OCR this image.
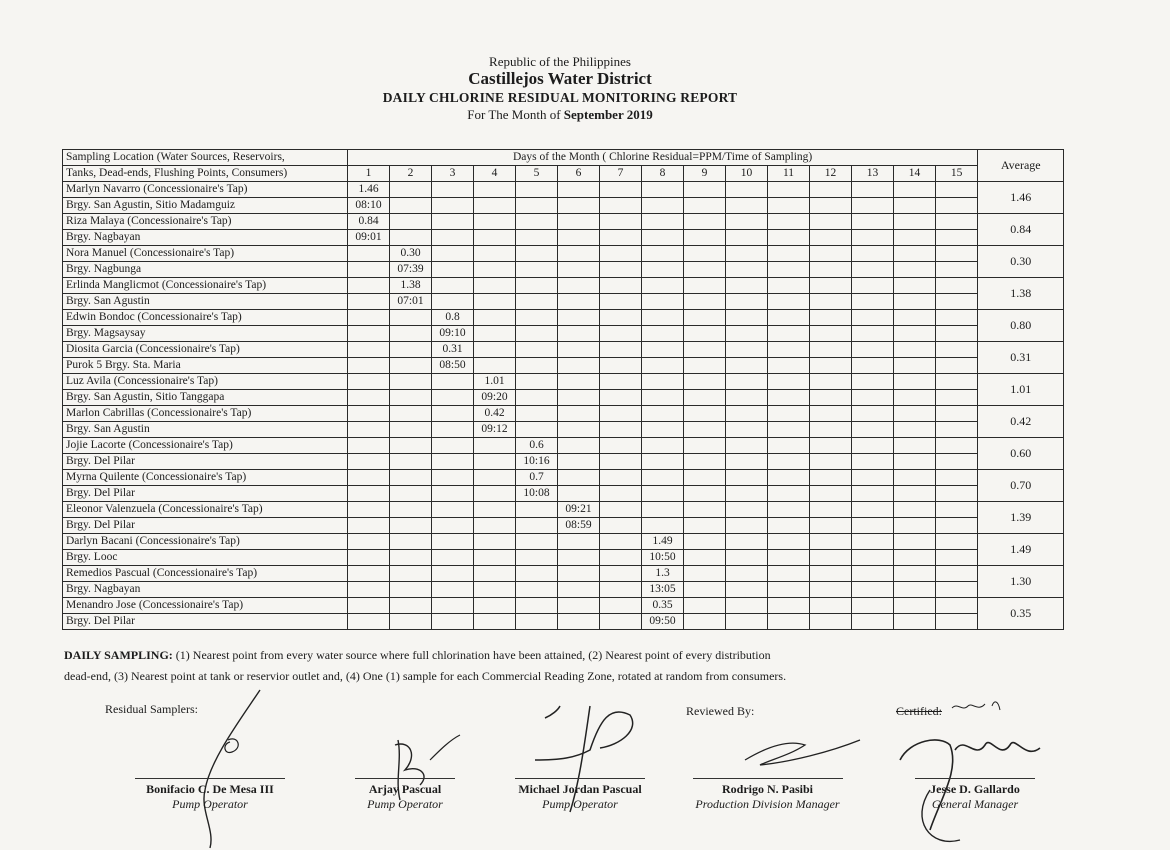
Republic of the Philippines
Castillejos Water District
DAILY CHLORINE RESIDUAL MONITORING REPORT
For The Month of September 2019
Sampling Location (Water Sources, Reservoirs,	Days of the Month ( Chlorine Residual=PPM/Time of Sampling)															Average
Tanks, Dead-ends, Flushing Points, Consumers)	1	2	3	4	5	6	7	8	9	10	11	12	13	14	15	
Marlyn Navarro (Concessionaire's Tap)	1.46															1.46
Brgy. San Agustin, Sitio Madamguiz	08:10															
Riza Malaya (Concessionaire's Tap)	0.84															0.84
Brgy. Nagbayan	09:01															
Nora Manuel (Concessionaire's Tap)		0.30														0.30
Brgy. Nagbunga		07:39														
Erlinda Manglicmot (Concessionaire's Tap)		1.38														1.38
Brgy. San Agustin		07:01														
Edwin Bondoc (Concessionaire's Tap)			0.8													0.80
Brgy. Magsaysay			09:10													
Diosita Garcia (Concessionaire's Tap)			0.31													0.31
Purok 5 Brgy. Sta. Maria			08:50													
Luz Avila (Concessionaire's Tap)				1.01												1.01
Brgy. San Agustin, Sitio Tanggapa				09:20												
Marlon Cabrillas (Concessionaire's Tap)				0.42												0.42
Brgy. San Agustin				09:12												
Jojie Lacorte (Concessionaire's Tap)					0.6											0.60
Brgy. Del Pilar					10:16											
Myrna Quilente (Concessionaire's Tap)					0.7											0.70
Brgy. Del Pilar					10:08											
Eleonor Valenzuela (Concessionaire's Tap)						09:21										1.39
Brgy. Del Pilar						08:59										
Darlyn Bacani (Concessionaire's Tap)								1.49								1.49
Brgy. Looc								10:50								
Remedios Pascual (Concessionaire's Tap)								1.3								1.30
Brgy. Nagbayan								13:05								
Menandro Jose (Concessionaire's Tap)								0.35								0.35
Brgy. Del Pilar								09:50								
DAILY SAMPLING: (1) Nearest point from every water source where full chlorination have been attained, (2) Nearest point of every distribution
dead-end, (3) Nearest point at tank or reservior outlet and, (4) One (1) sample for each Commercial Reading Zone, rotated at random from consumers.
Residual Samplers:	Reviewed By:	Certified:
Bonifacio C. De Mesa III
Pump Operator
Arjay Pascual
Pump Operator
Michael Jordan Pascual
Pump Operator
Rodrigo N. Pasibi
Production Division Manager
Jesse D. Gallardo
General Manager
